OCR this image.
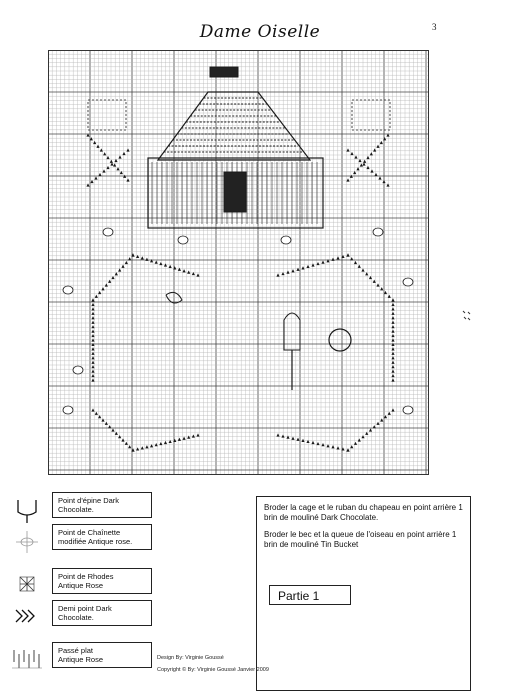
Dame Oiselle	3
Point d'épine Dark
Chocolate.
Point de Chaînette
modifiée Antique rose.
Point de Rhodes
Antique Rose
Demi point Dark
Chocolate.
Passé plat
Antique Rose

Broder la cage et le ruban du chapeau en point arrière 1 brin de mouliné Dark Chocolate.

Broder le bec et la queue de l'oiseau en point arrière 1 brin de mouliné Tin Bucket

Partie 1
Design By: Virginie Goussé
Copyright © By: Virginie Goussé Janvier 2009
